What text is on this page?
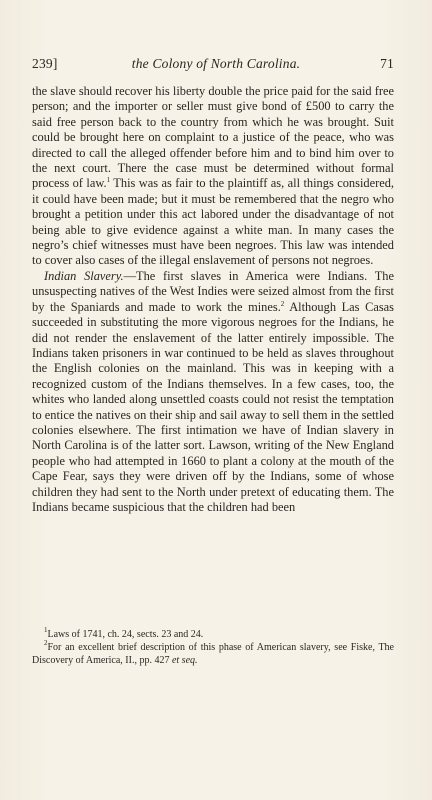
239]	the Colony of North Carolina.	71

the slave should recover his liberty double the price paid for the said free person; and the importer or seller must give bond of £500 to carry the said free person back to the country from which he was brought. Suit could be brought here on complaint to a justice of the peace, who was directed to call the alleged offender before him and to bind him over to the next court. There the case must be determined without formal process of law.$^1$ This was as fair to the plaintiff as, all things considered, it could have been made; but it must be remembered that the negro who brought a petition under this act labored under the disadvantage of not being able to give evidence against a white man. In many cases the negro’s chief witnesses must have been negroes. This law was intended to cover also cases of the illegal enslavement of persons not negroes.

Indian Slavery.—The first slaves in America were Indians. The unsuspecting natives of the West Indies were seized almost from the first by the Spaniards and made to work the mines.$^2$ Although Las Casas succeeded in substituting the more vigorous negroes for the Indians, he did not render the enslavement of the latter entirely impossible. The Indians taken prisoners in war continued to be held as slaves throughout the English colonies on the mainland. This was in keeping with a recognized custom of the Indians themselves. In a few cases, too, the whites who landed along unsettled coasts could not resist the temptation to entice the natives on their ship and sail away to sell them in the settled colonies elsewhere. The first intimation we have of Indian slavery in North Carolina is of the latter sort. Lawson, writing of the New England people who had attempted in 1660 to plant a colony at the mouth of the Cape Fear, says they were driven off by the Indians, some of whose children they had sent to the North under pretext of educating them. The Indians became suspicious that the children had been

$^1$Laws of 1741, ch. 24, sects. 23 and 24.

$^2$For an excellent brief description of this phase of American slavery, see Fiske, The Discovery of America, II., pp. 427 et seq.
